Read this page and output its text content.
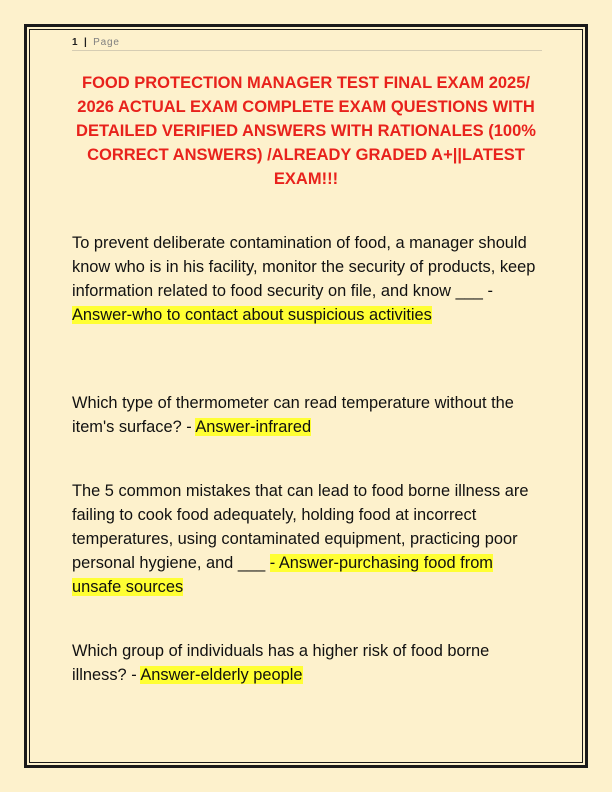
1 | Page
FOOD PROTECTION MANAGER TEST FINAL EXAM 2025/ 2026 ACTUAL EXAM COMPLETE EXAM QUESTIONS WITH DETAILED VERIFIED ANSWERS WITH RATIONALES (100% CORRECT ANSWERS) /ALREADY GRADED A+||LATEST EXAM!!!
To prevent deliberate contamination of food, a manager should know who is in his facility, monitor the security of products, keep information related to food security on file, and know ___ - Answer-who to contact about suspicious activities
Which type of thermometer can read temperature without the item's surface? - Answer-infrared
The 5 common mistakes that can lead to food borne illness are failing to cook food adequately, holding food at incorrect temperatures, using contaminated equipment, practicing poor personal hygiene, and ___ - Answer-purchasing food from unsafe sources
Which group of individuals has a higher risk of food borne illness? - Answer-elderly people
